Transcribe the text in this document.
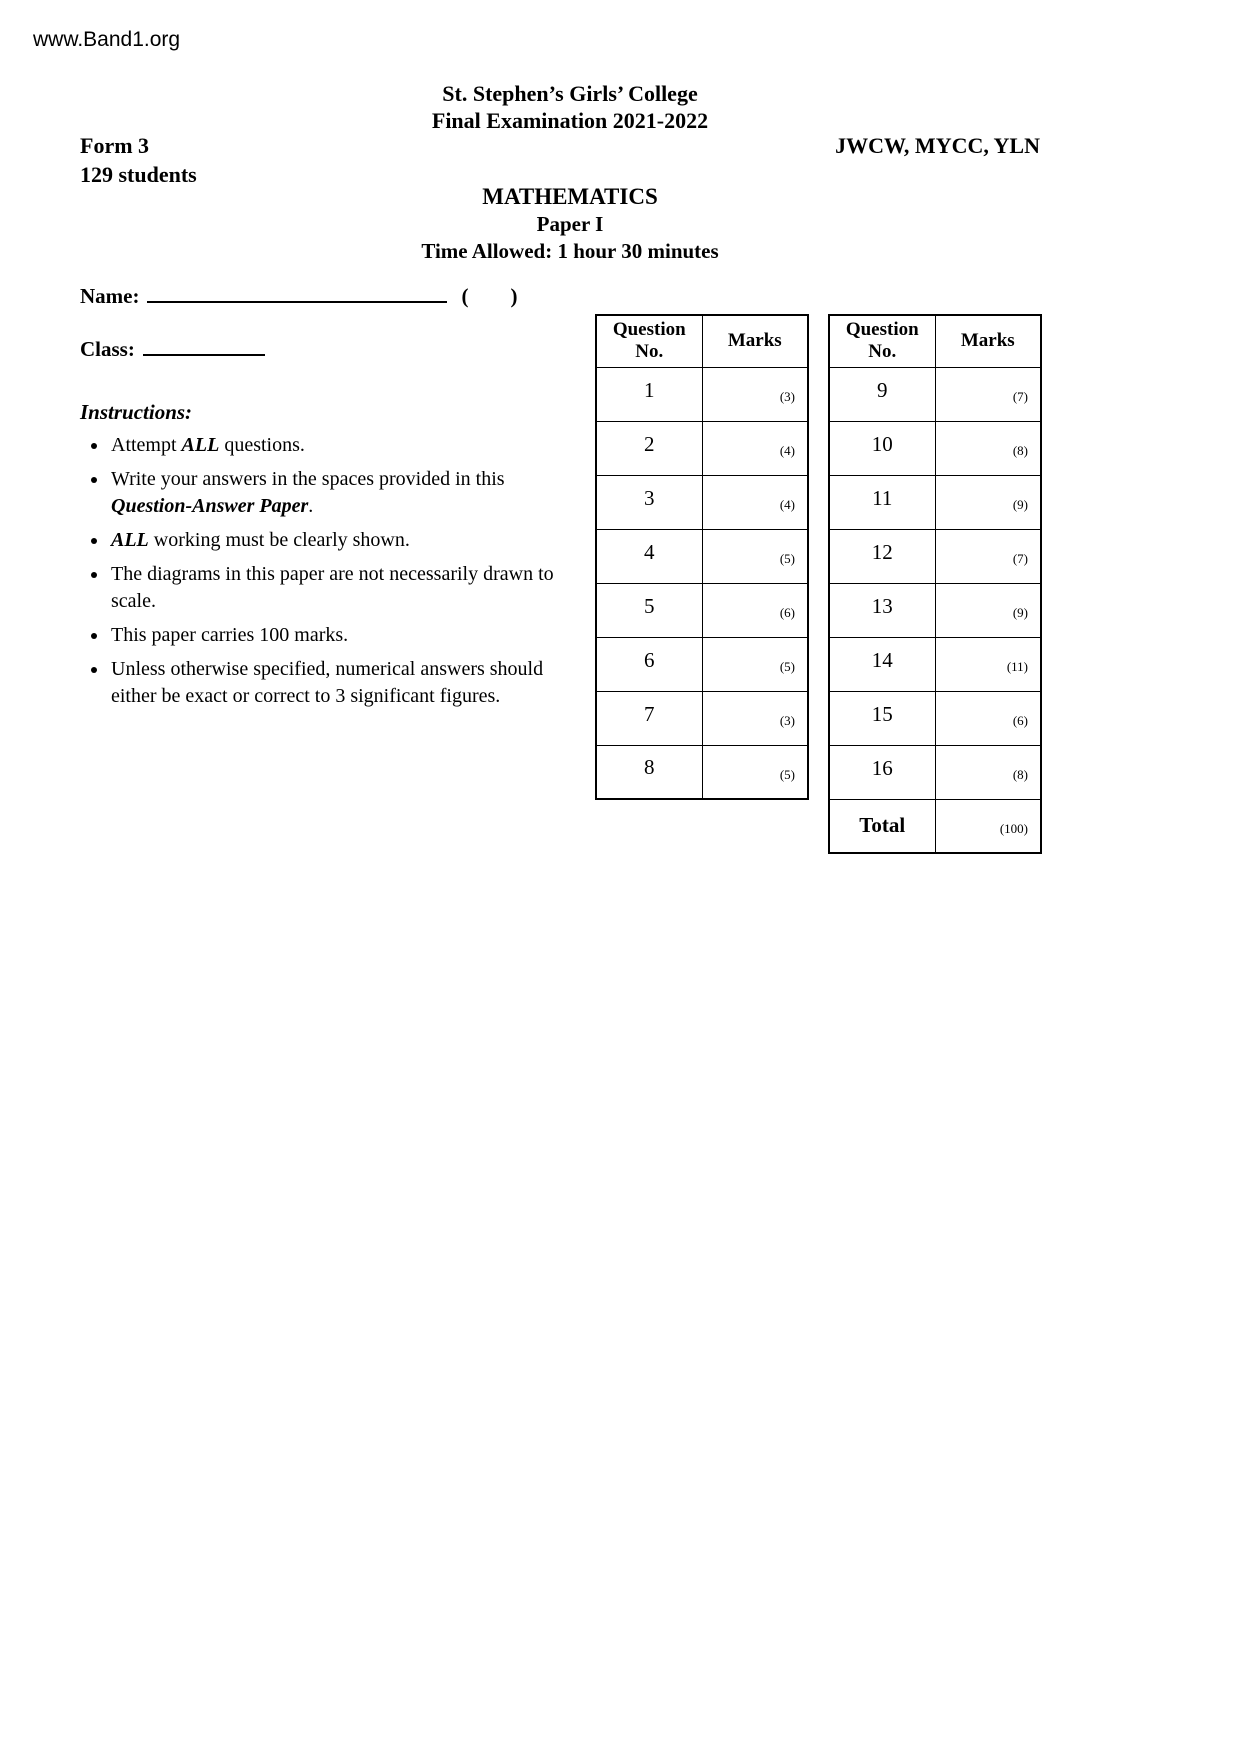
www.Band1.org
St. Stephen’s Girls’ College
Final Examination 2021-2022
Form 3
129 students
JWCW, MYCC, YLN
MATHEMATICS
Paper I
Time Allowed: 1 hour 30 minutes
Name:	(        )
Class:
Instructions:
• Attempt ALL questions.
• Write your answers in the spaces provided in this Question-Answer Paper.
• ALL working must be clearly shown.
• The diagrams in this paper are not necessarily drawn to scale.
• This paper carries 100 marks.
• Unless otherwise specified, numerical answers should either be exact or correct to 3 significant figures.
Question No.	Marks
1	(3)
2	(4)
3	(4)
4	(5)
5	(6)
6	(5)
7	(3)
8	(5)
Question No.	Marks
9	(7)
10	(8)
11	(9)
12	(7)
13	(9)
14	(11)
15	(6)
16	(8)
Total	(100)
